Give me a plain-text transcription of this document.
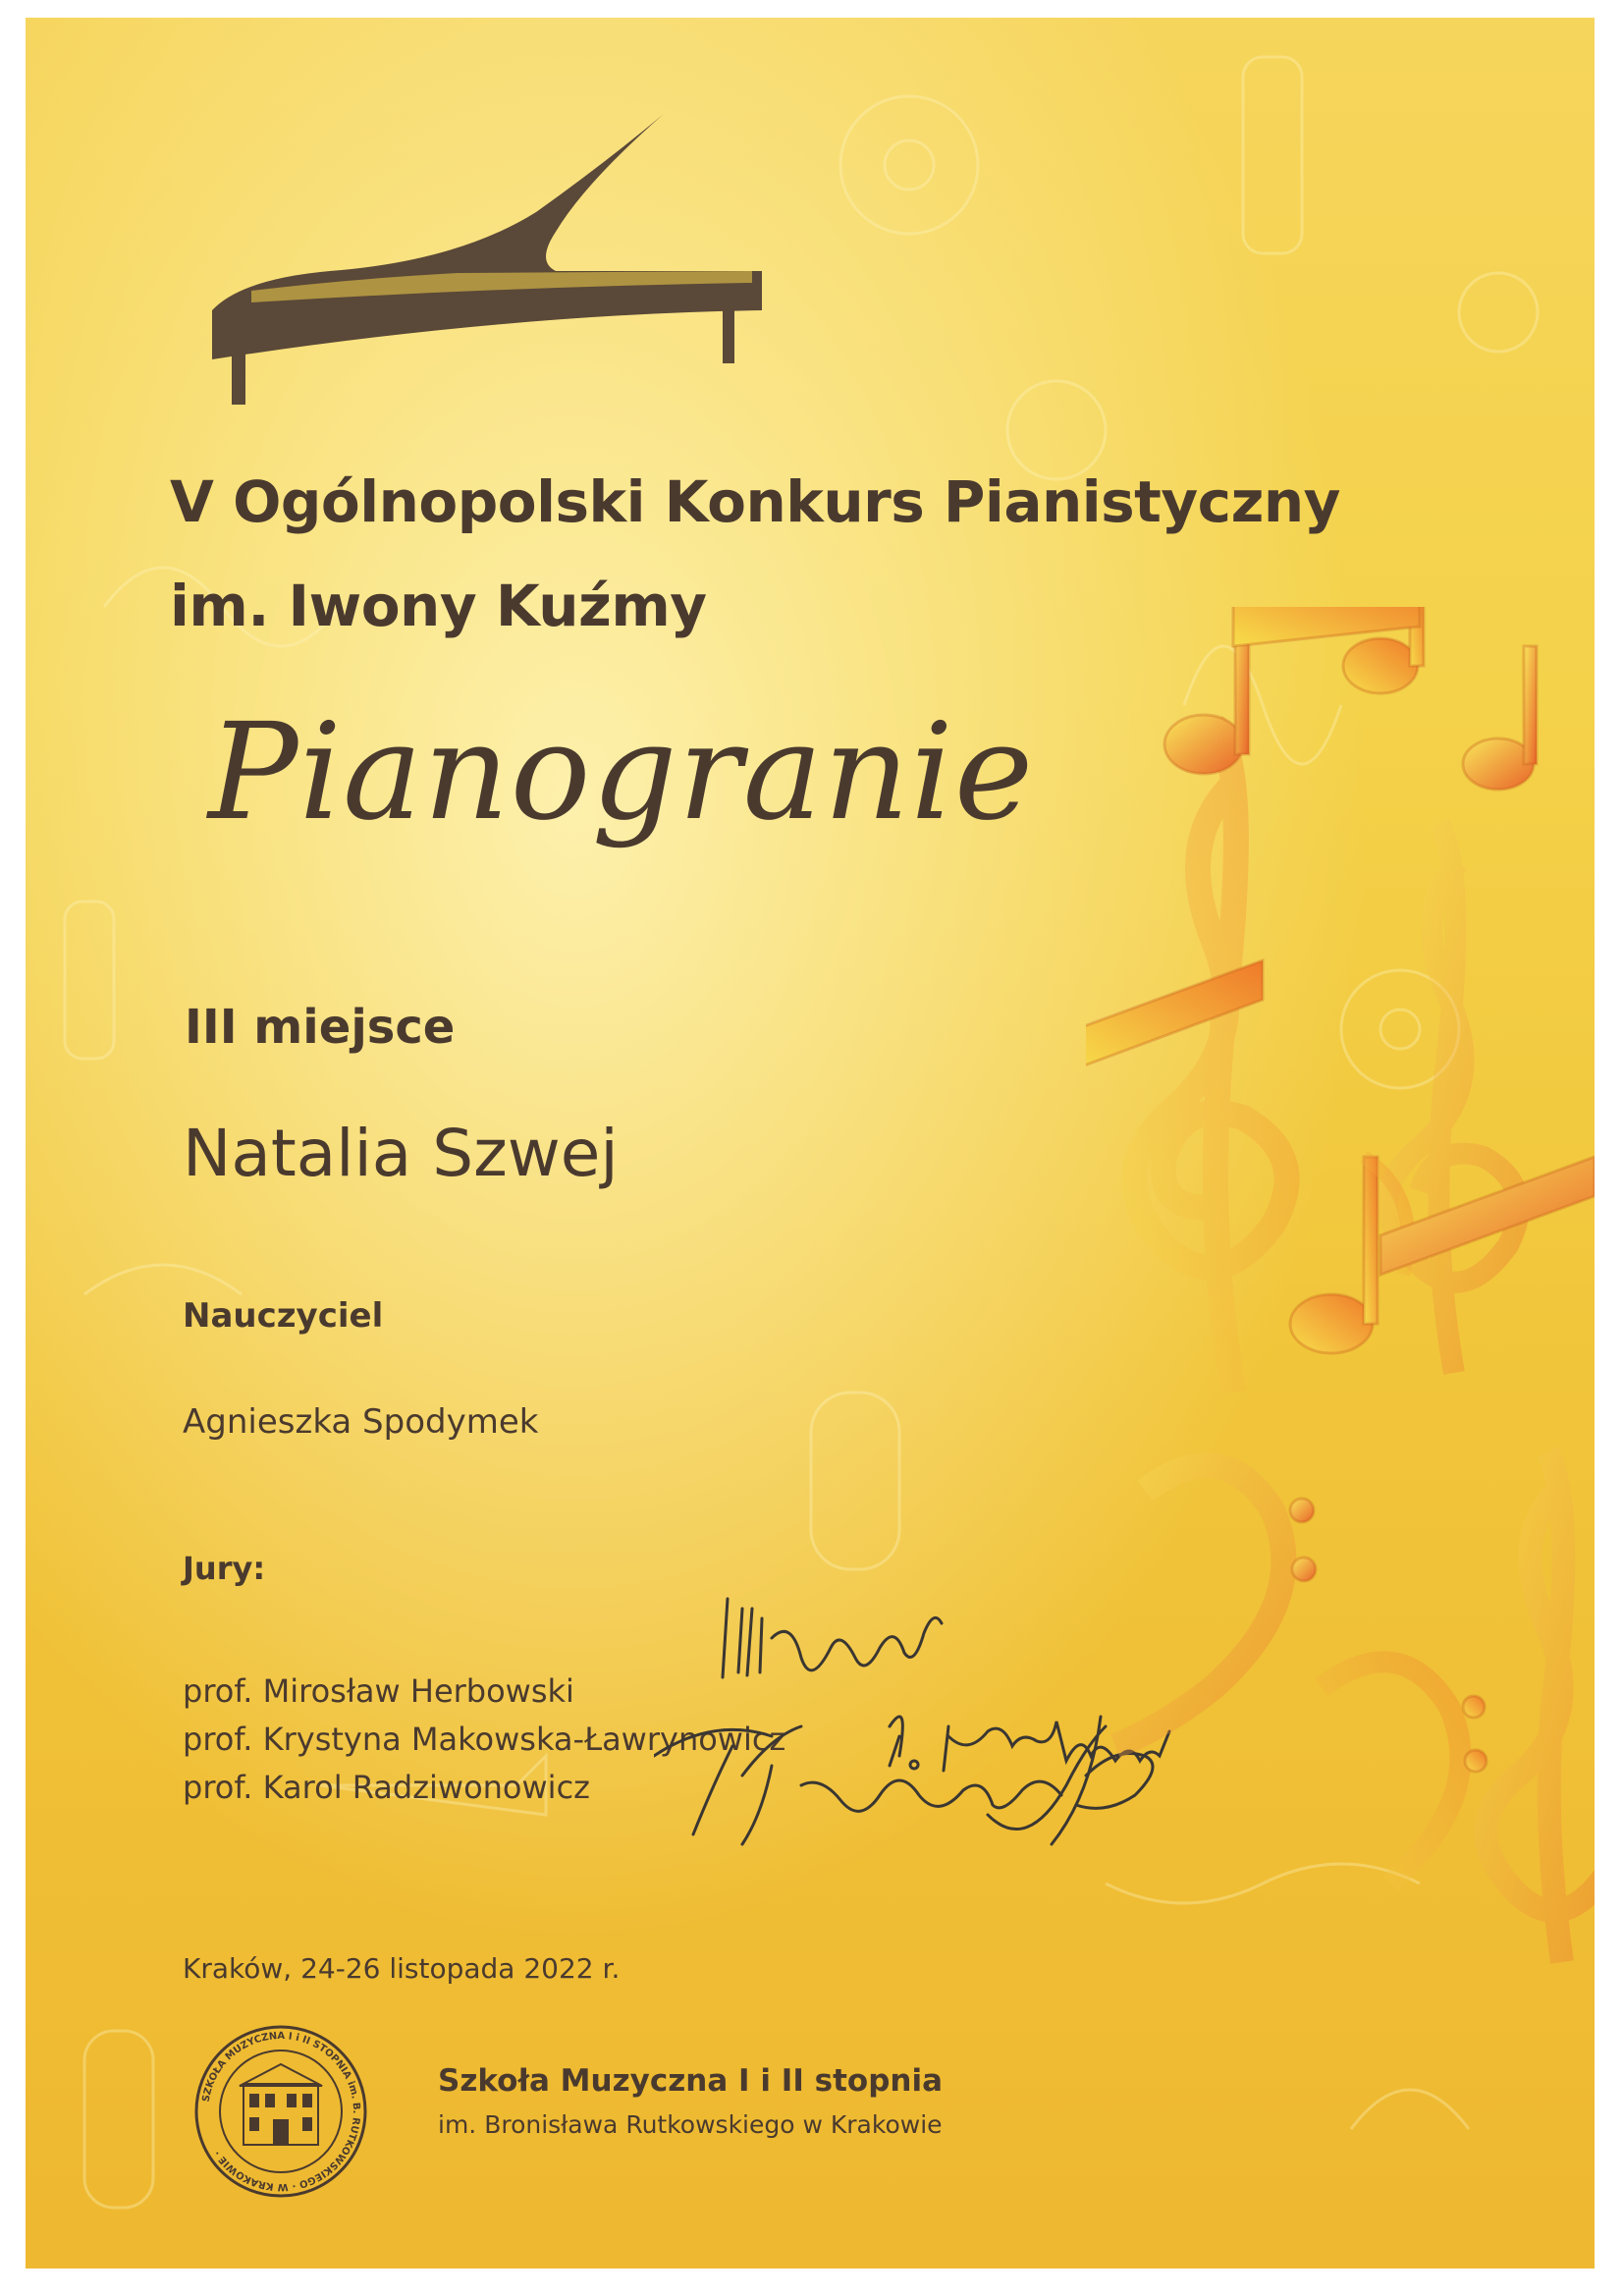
V Ogólnopolski Konkurs Pianistyczny
im. Iwony Kuźmy
Pianogranie
III miejsce
Natalia Szwej
Nauczyciel
Agnieszka Spodymek
Jury:
prof. Mirosław Herbowski
prof. Krystyna Makowska-Ławrynowicz
prof. Karol Radziwonowicz
Kraków, 24-26 listopada 2022 r.
SZKOŁA MUZYCZNA I i II STOPNIA im. B. RUTKOWSKIEGO · W KRAKOWIE ·
Szkoła Muzyczna I i II stopnia
im. Bronisława Rutkowskiego w Krakowie
